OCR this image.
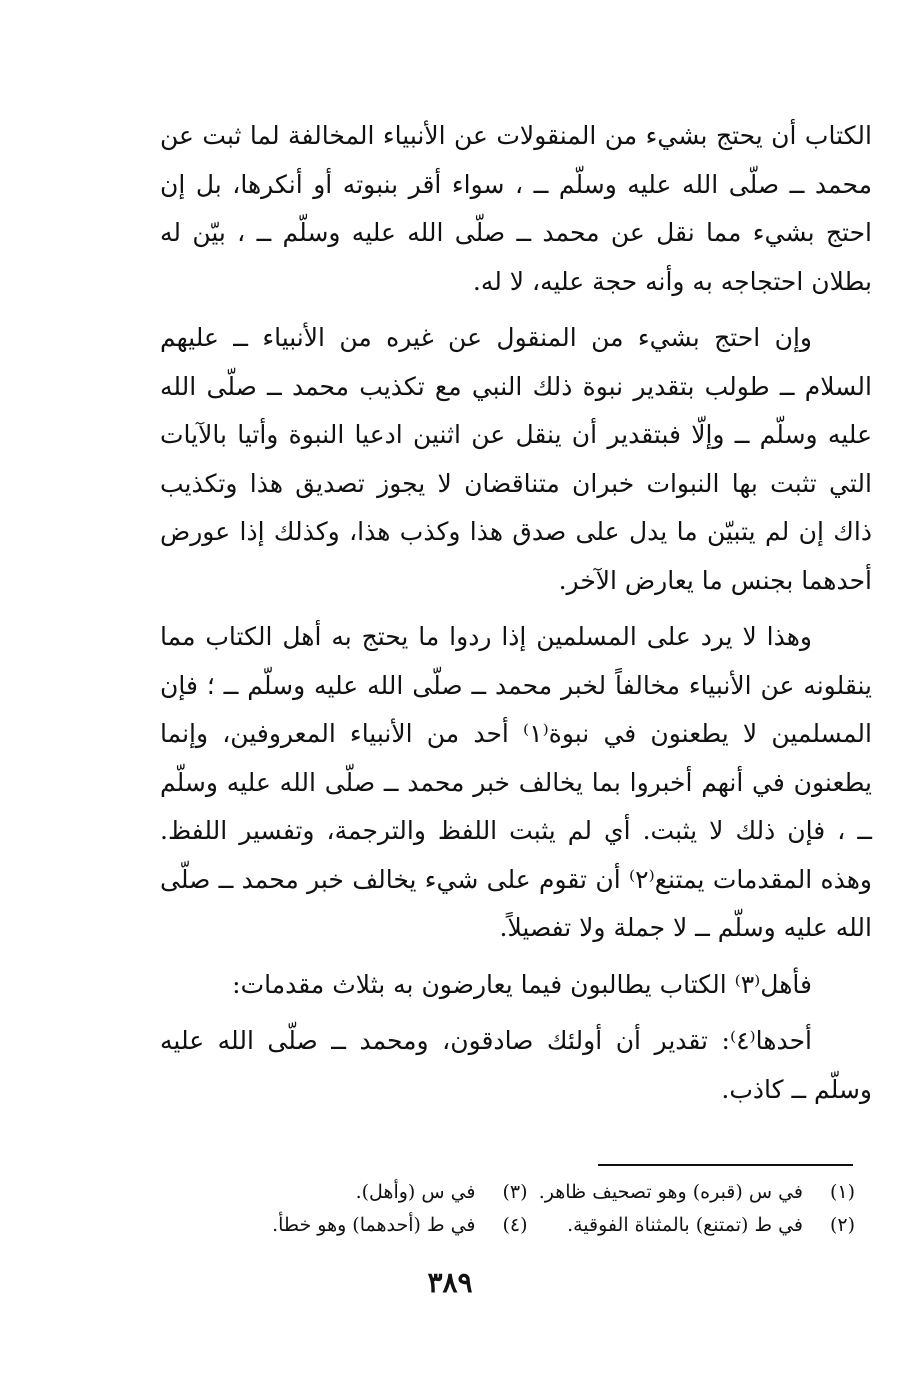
الكتاب أن يحتج بشيء من المنقولات عن الأنبياء المخالفة لما ثبت عن محمد ــ صلّى الله عليه وسلّم ــ ، سواء أقر بنبوته أو أنكرها، بل إن احتج بشيء مما نقل عن محمد ــ صلّى الله عليه وسلّم ــ ، بيّن له بطلان احتجاجه به وأنه حجة عليه، لا له.

وإن احتج بشيء من المنقول عن غيره من الأنبياء ــ عليهم السلام ــ طولب بتقدير نبوة ذلك النبي مع تكذيب محمد ــ صلّى الله عليه وسلّم ــ وإلّا فبتقدير أن ينقل عن اثنين ادعيا النبوة وأتيا بالآيات التي تثبت بها النبوات خبران متناقضان لا يجوز تصديق هذا وتكذيب ذاك إن لم يتبيّن ما يدل على صدق هذا وكذب هذا، وكذلك إذا عورض أحدهما بجنس ما يعارض الآخر.

وهذا لا يرد على المسلمين إذا ردوا ما يحتج به أهل الكتاب مما ينقلونه عن الأنبياء مخالفاً لخبر محمد ــ صلّى الله عليه وسلّم ــ ؛ فإن المسلمين لا يطعنون في نبوة⁽١⁾ أحد من الأنبياء المعروفين، وإنما يطعنون في أنهم أخبروا بما يخالف خبر محمد ــ صلّى الله عليه وسلّم ــ ، فإن ذلك لا يثبت. أي لم يثبت اللفظ والترجمة، وتفسير اللفظ. وهذه المقدمات يمتنع⁽٢⁾ أن تقوم على شيء يخالف خبر محمد ــ صلّى الله عليه وسلّم ــ لا جملة ولا تفصيلاً.

فأهل⁽٣⁾ الكتاب يطالبون فيما يعارضون به بثلاث مقدمات:

أحدها⁽٤⁾: تقدير أن أولئك صادقون، ومحمد ــ صلّى الله عليه وسلّم ــ كاذب.

(١)
في س (قبره) وهو تصحيف ظاهر.
(٣)
في س (وأهل).
(٢)
في ط (تمتنع) بالمثناة الفوقية.
(٤)
في ط (أحدهما) وهو خطأ.
٣٨٩
